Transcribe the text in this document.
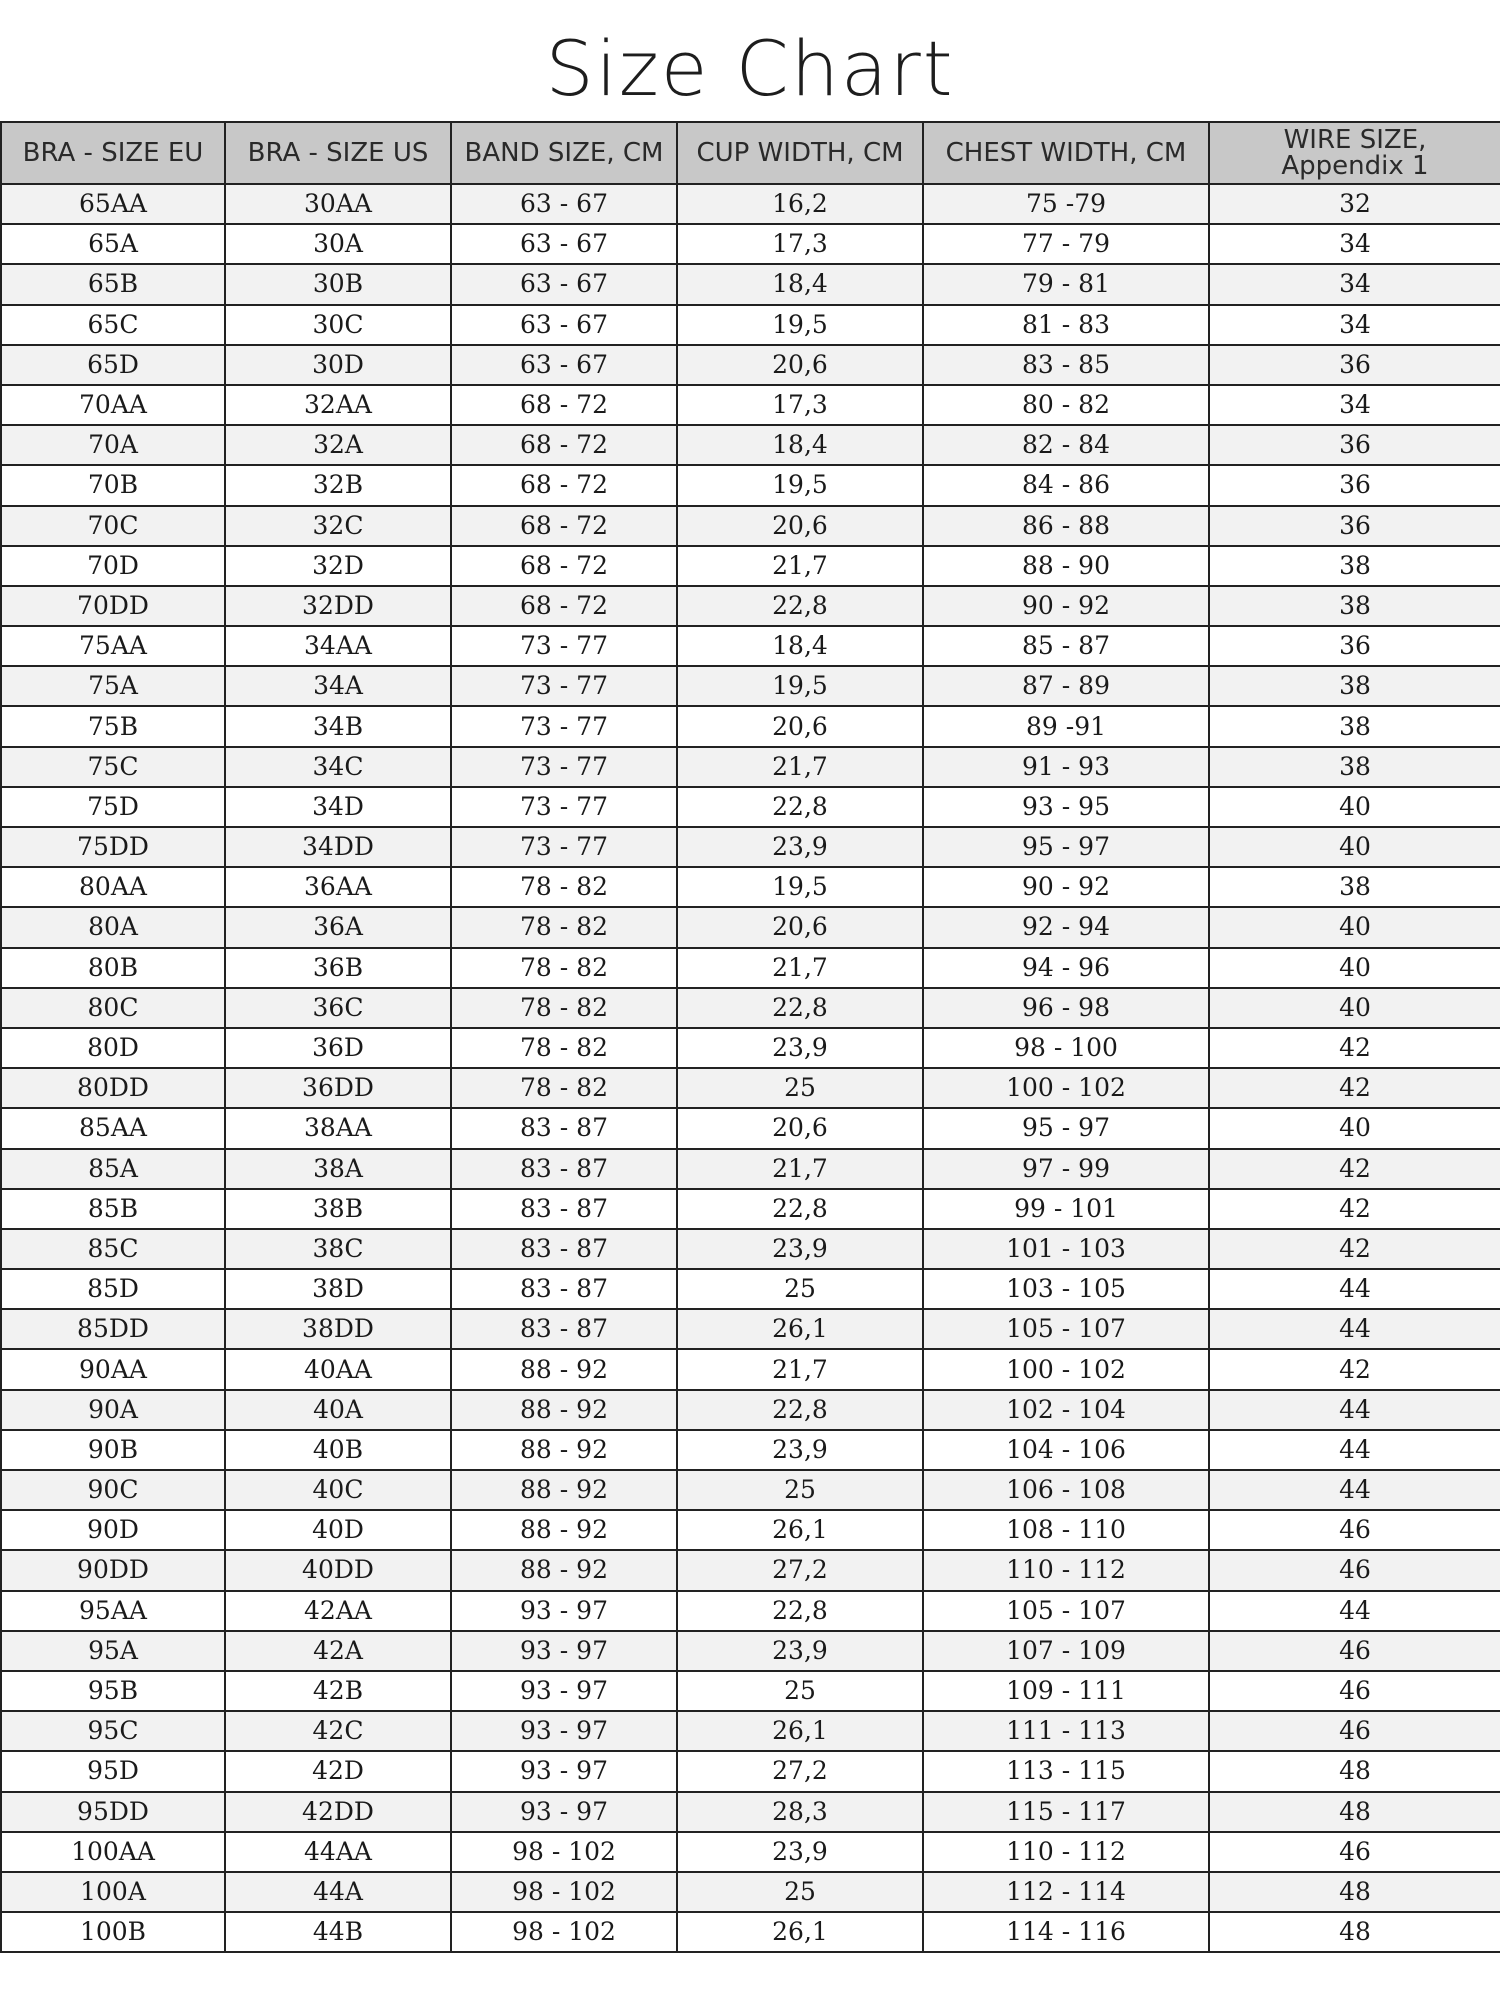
Size Chart
BRA - SIZE EU	BRA - SIZE US	BAND SIZE, CM	CUP WIDTH, CM	CHEST WIDTH, CM	WIRE SIZE, Appendix 1

65AA	30AA	63 - 67	16,2	75 -79	32
65A	30A	63 - 67	17,3	77 - 79	34
65B	30B	63 - 67	18,4	79 - 81	34
65C	30C	63 - 67	19,5	81 - 83	34
65D	30D	63 - 67	20,6	83 - 85	36
70AA	32AA	68 - 72	17,3	80 - 82	34
70A	32A	68 - 72	18,4	82 - 84	36
70B	32B	68 - 72	19,5	84 - 86	36
70C	32C	68 - 72	20,6	86 - 88	36
70D	32D	68 - 72	21,7	88 - 90	38
70DD	32DD	68 - 72	22,8	90 - 92	38
75AA	34AA	73 - 77	18,4	85 - 87	36
75A	34A	73 - 77	19,5	87 - 89	38
75B	34B	73 - 77	20,6	89 -91	38
75C	34C	73 - 77	21,7	91 - 93	38
75D	34D	73 - 77	22,8	93 - 95	40
75DD	34DD	73 - 77	23,9	95 - 97	40
80AA	36AA	78 - 82	19,5	90 - 92	38
80A	36A	78 - 82	20,6	92 - 94	40
80B	36B	78 - 82	21,7	94 - 96	40
80C	36C	78 - 82	22,8	96 - 98	40
80D	36D	78 - 82	23,9	98 - 100	42
80DD	36DD	78 - 82	25	100 - 102	42
85AA	38AA	83 - 87	20,6	95 - 97	40
85A	38A	83 - 87	21,7	97 - 99	42
85B	38B	83 - 87	22,8	99 - 101	42
85C	38C	83 - 87	23,9	101 - 103	42
85D	38D	83 - 87	25	103 - 105	44
85DD	38DD	83 - 87	26,1	105 - 107	44
90AA	40AA	88 - 92	21,7	100 - 102	42
90A	40A	88 - 92	22,8	102 - 104	44
90B	40B	88 - 92	23,9	104 - 106	44
90C	40C	88 - 92	25	106 - 108	44
90D	40D	88 - 92	26,1	108 - 110	46
90DD	40DD	88 - 92	27,2	110 - 112	46
95AA	42AA	93 - 97	22,8	105 - 107	44
95A	42A	93 - 97	23,9	107 - 109	46
95B	42B	93 - 97	25	109 - 111	46
95C	42C	93 - 97	26,1	111 - 113	46
95D	42D	93 - 97	27,2	113 - 115	48
95DD	42DD	93 - 97	28,3	115 - 117	48
100AA	44AA	98 - 102	23,9	110 - 112	46
100A	44A	98 - 102	25	112 - 114	48
100B	44B	98 - 102	26,1	114 - 116	48
